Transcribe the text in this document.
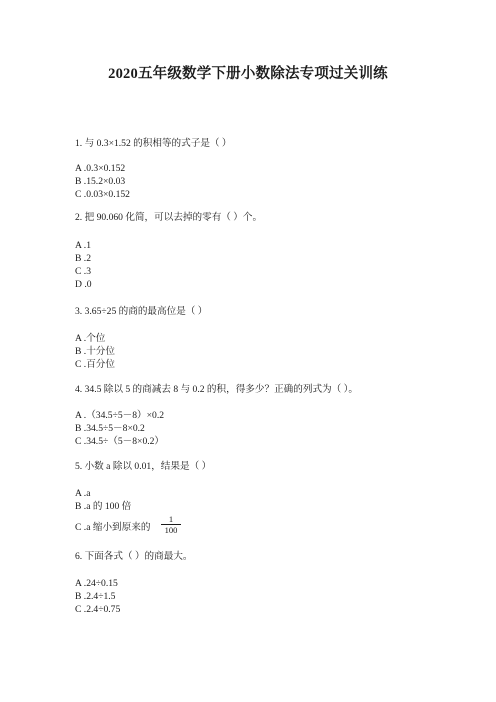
2020五年级数学下册小数除法专项过关训练
1. 与 0.3×1.52 的积相等的式子是（ ）
A .0.3×0.152
B .15.2×0.03
C .0.03×0.152
2. 把 90.060 化简，可以去掉的零有（ ）个。
A .1
B .2
C .3
D .0
3. 3.65÷25 的商的最高位是（ ）
A .个位
B .十分位
C .百分位
4. 34.5 除以 5 的商减去 8 与 0.2 的积，得多少？正确的列式为（ ）。
A .（34.5÷5－8）×0.2
B .34.5÷5－8×0.2
C .34.5÷（5－8×0.2）
5. 小数 a 除以 0.01，结果是（ ）
A .a
B .a 的 100 倍
C .a 缩小到原来的
1
100
6. 下面各式（ ）的商最大。
A .24÷0.15
B .2.4÷1.5
C .2.4÷0.75
